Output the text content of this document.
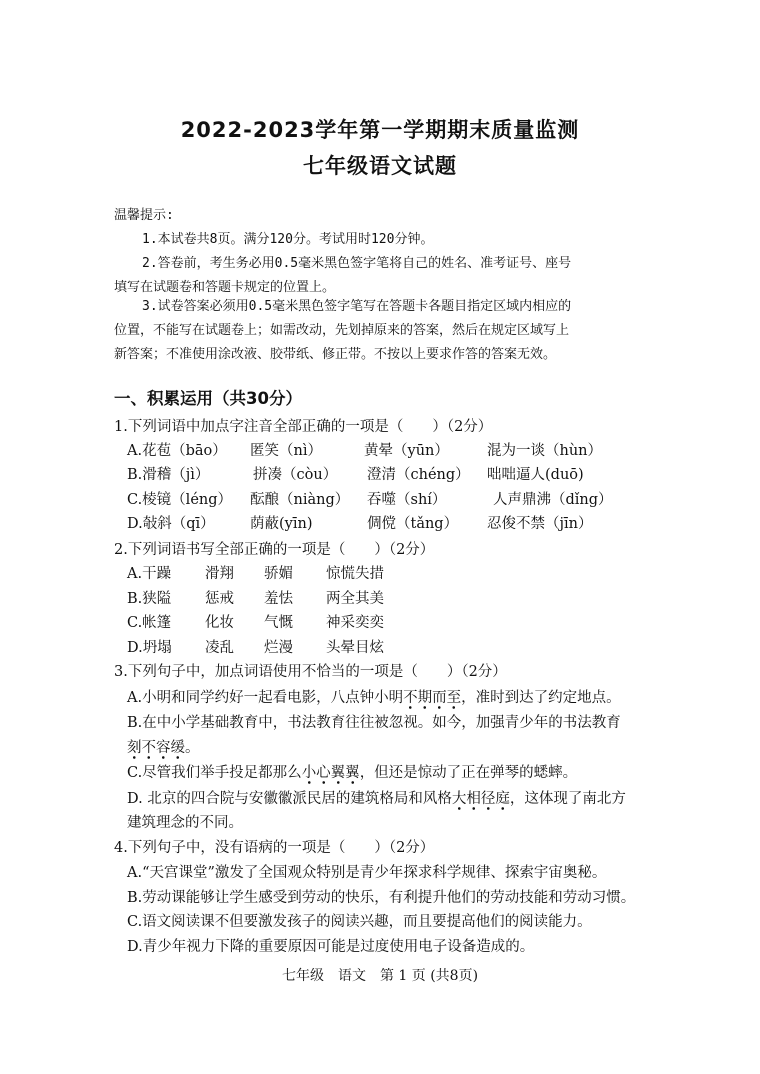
2022-2023学年第一学期期末质量监测
七年级语文试题
温馨提示:
1.本试卷共8页。满分120分。考试用时120分钟。
2.答卷前，考生务必用0.5毫米黑色签字笔将自己的姓名、准考证号、座号
填写在试题卷和答题卡规定的位置上。
3.试卷答案必须用0.5毫米黑色签字笔写在答题卡各题目指定区域内相应的
位置，不能写在试题卷上；如需改动，先划掉原来的答案，然后在规定区域写上
新答案；不准使用涂改液、胶带纸、修正带。不按以上要求作答的答案无效。
一、积累运用（共30分）
1.下列词语中加点字注音全部正确的一项是（　　）（2分）
A.花苞（bāo） 匿笑（nì）	黄晕（yūn）	混为一谈（hùn）
B.滑稽（jì）	拼凑（còu） 澄清（chéng） 咄咄逼人(duō)
C.棱镜（léng） 酝酿（niàng） 吞噬（shí）	人声鼎沸（dǐng）
D.敧斜（qī） 荫蔽(yīn)	倜傥（tǎng） 忍俊不禁（jīn）
2.下列词语书写全部正确的一项是（　　）（2分）
A.干躁 滑翔 骄媚 惊慌失措
B.狭隘 惩戒 羞怯 两全其美
C.帐篷 化妆 气慨 神采奕奕
D.坍塌 凌乱 烂漫 头晕目炫
3.下列句子中，加点词语使用不恰当的一项是（　　）（2分）
A.小明和同学约好一起看电影，八点钟小明不期而至，准时到达了约定地点。
B.在中小学基础教育中，书法教育往往被忽视。如今，加强青少年的书法教育
刻不容缓。
C.尽管我们举手投足都那么小心翼翼，但还是惊动了正在弹琴的蟋蟀。
D. 北京的四合院与安徽徽派民居的建筑格局和风格大相径庭，这体现了南北方
建筑理念的不同。
4.下列句子中，没有语病的一项是（　　）（2分）
A.“天宫课堂”激发了全国观众特别是青少年探求科学规律、探索宇宙奥秘。
B.劳动课能够让学生感受到劳动的快乐，有利提升他们的劳动技能和劳动习惯。
C.语文阅读课不但要激发孩子的阅读兴趣，而且要提高他们的阅读能力。
D.青少年视力下降的重要原因可能是过度使用电子设备造成的。
七年级　语文　第 1 页 (共8页)
